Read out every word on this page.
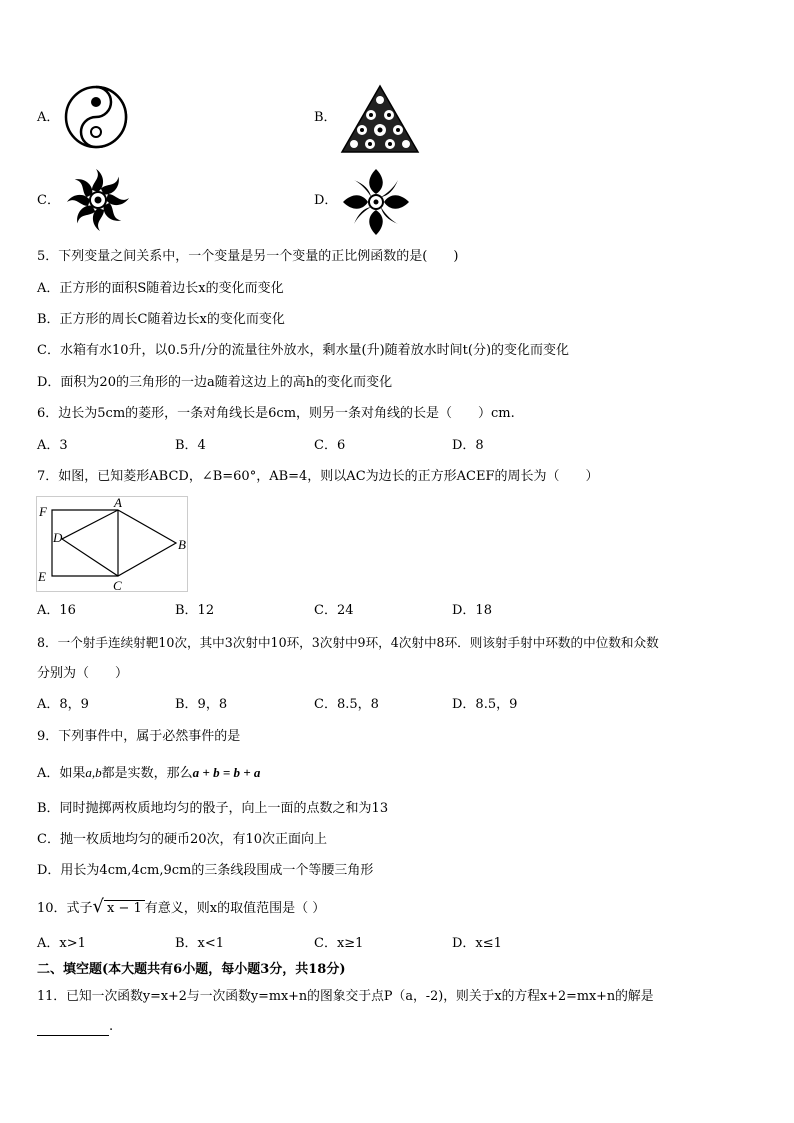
A．	B．
C．	D．
5．下列变量之间关系中，一个变量是另一个变量的正比例函数的是(　　)
A．正方形的面积S随着边长x的变化而变化
B．正方形的周长C随着边长x的变化而变化
C．水箱有水10升，以0.5升/分的流量往外放水，剩水量(升)随着放水时间t(分)的变化而变化
D．面积为20的三角形的一边a随着这边上的高h的变化而变化
6．边长为5cm的菱形，一条对角线长是6cm，则另一条对角线的长是（　　）cm.
A．3	B．4	C．6	D．8
7．如图，已知菱形ABCD，∠B=60°，AB=4，则以AC为边长的正方形ACEF的周长为（　　）
F
A
D	B
E
C
A．16	B．12	C．24	D．18
8．一个射手连续射靶10次，其中3次射中10环，3次射中9环，4次射中8环．则该射手射中环数的中位数和众数
分别为（　　）
A．8，9	B．9，8	C．8.5，8	D．8.5，9
9．下列事件中，属于必然事件的是
A．如果a,b都是实数，那么a + b = b + a
B．同时抛掷两枚质地均匀的骰子，向上一面的点数之和为13
C．抛一枚质地均匀的硬币20次，有10次正面向上
D．用长为4cm,4cm,9cm的三条线段围成一个等腰三角形
10．式子√ x − 1 有意义，则x的取值范围是（ ）
A．x>1	B．x<1	C．x≥1	D．x≤1
二、填空题(本大题共有6小题，每小题3分，共18分)
11．已知一次函数y=x+2与一次函数y=mx+n的图象交于点P（a，-2)，则关于x的方程x+2=mx+n的解是
.
